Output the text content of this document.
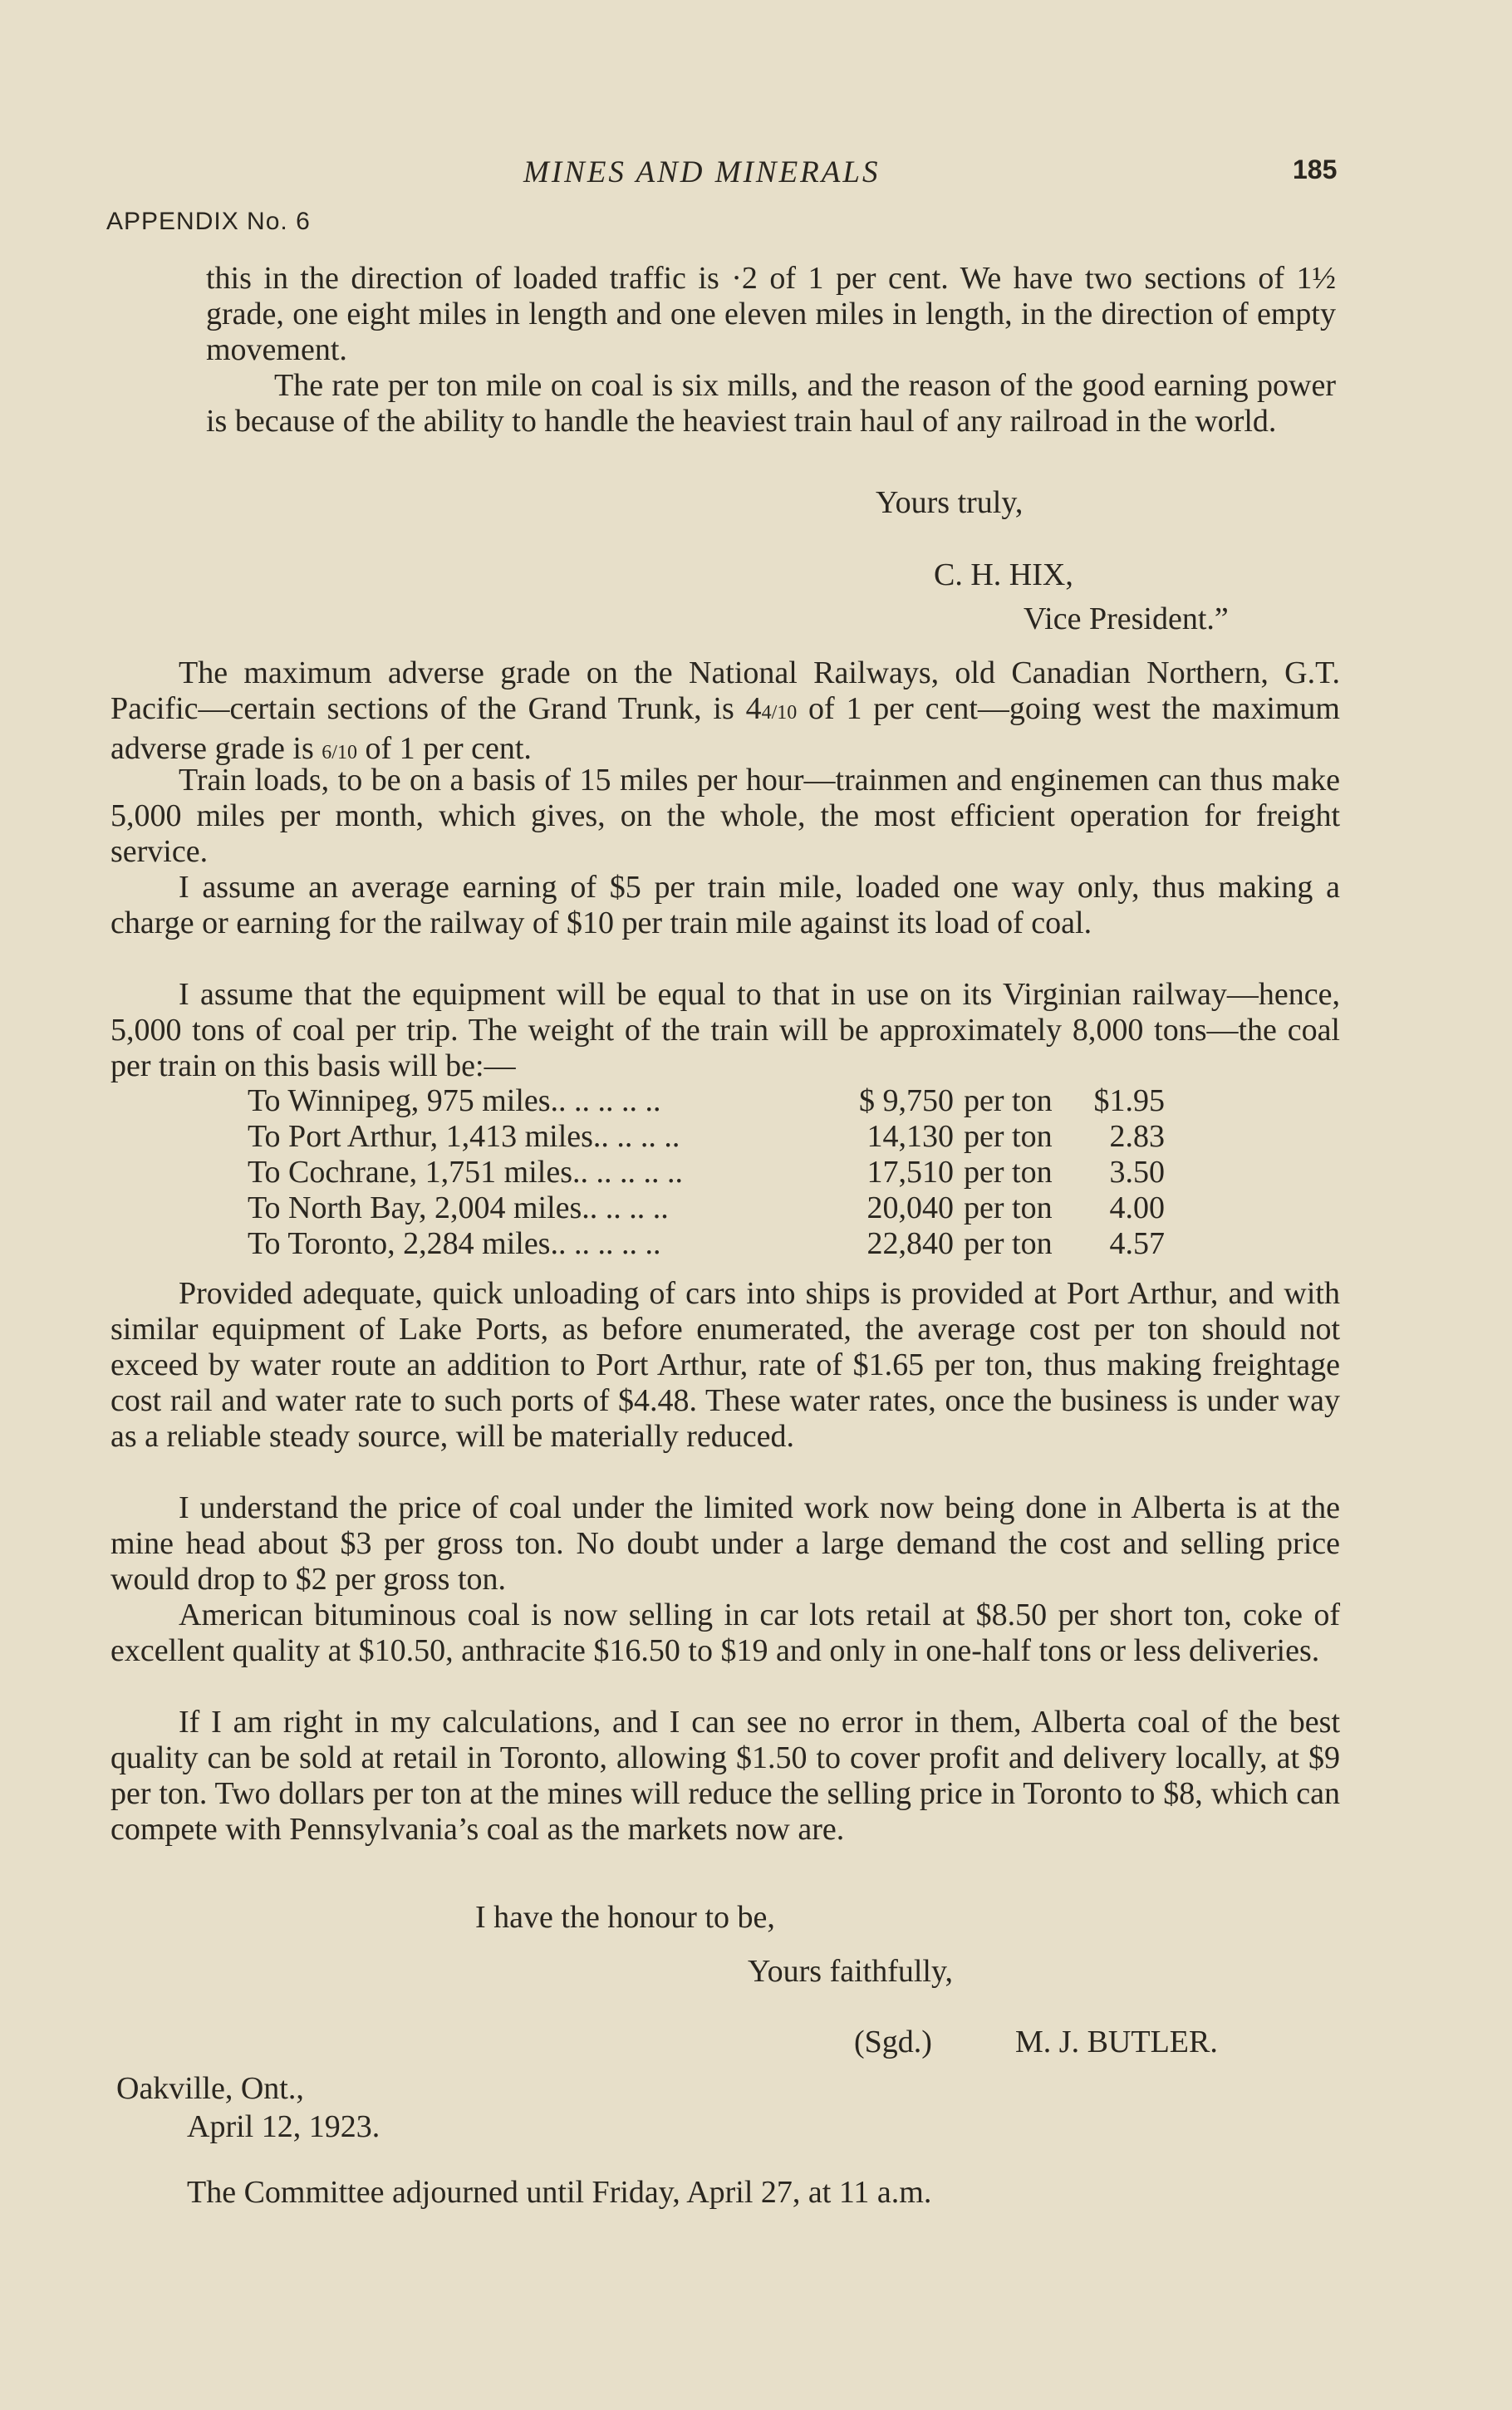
MINES AND MINERALS	185
APPENDIX No. 6

this in the direction of loaded traffic is ·2 of 1 per cent. We have two sections of 1½ grade, one eight miles in length and one eleven miles in length, in the direction of empty movement.

The rate per ton mile on coal is six mills, and the reason of the good earning power is because of the ability to handle the heaviest train haul of any railroad in the world.

Yours truly,
C. H. HIX,
Vice President.”

The maximum adverse grade on the National Railways, old Canadian Northern, G.T. Pacific—certain sections of the Grand Trunk, is 44/10 of 1 per cent—going west the maximum adverse grade is 6/10 of 1 per cent.

Train loads, to be on a basis of 15 miles per hour—trainmen and enginemen can thus make 5,000 miles per month, which gives, on the whole, the most efficient operation for freight service.

I assume an average earning of $5 per train mile, loaded one way only, thus making a charge or earning for the railway of $10 per train mile against its load of coal.

I assume that the equipment will be equal to that in use on its Virginian railway—hence, 5,000 tons of coal per trip. The weight of the train will be approximately 8,000 tons—the coal per train on this basis will be:—

To Winnipeg, 975 miles.. .. .. .. ..	$ 9,750	per ton	$1.95
To Port Arthur, 1,413 miles.. .. .. ..	14,130	per ton	2.83
To Cochrane, 1,751 miles.. .. .. .. ..	17,510	per ton	3.50
To North Bay, 2,004 miles.. .. .. ..	20,040	per ton	4.00
To Toronto, 2,284 miles.. .. .. .. ..	22,840	per ton	4.57

Provided adequate, quick unloading of cars into ships is provided at Port Arthur, and with similar equipment of Lake Ports, as before enumerated, the average cost per ton should not exceed by water route an addition to Port Arthur, rate of $1.65 per ton, thus making freightage cost rail and water rate to such ports of $4.48. These water rates, once the business is under way as a reliable steady source, will be materially reduced.

I understand the price of coal under the limited work now being done in Alberta is at the mine head about $3 per gross ton. No doubt under a large demand the cost and selling price would drop to $2 per gross ton.

American bituminous coal is now selling in car lots retail at $8.50 per short ton, coke of excellent quality at $10.50, anthracite $16.50 to $19 and only in one-half tons or less deliveries.

If I am right in my calculations, and I can see no error in them, Alberta coal of the best quality can be sold at retail in Toronto, allowing $1.50 to cover profit and delivery locally, at $9 per ton. Two dollars per ton at the mines will reduce the selling price in Toronto to $8, which can compete with Pennsylvania’s coal as the markets now are.

I have the honour to be,
Yours faithfully,
(Sgd.)	M. J. BUTLER.
Oakville, Ont.,
April 12, 1923.
The Committee adjourned until Friday, April 27, at 11 a.m.
